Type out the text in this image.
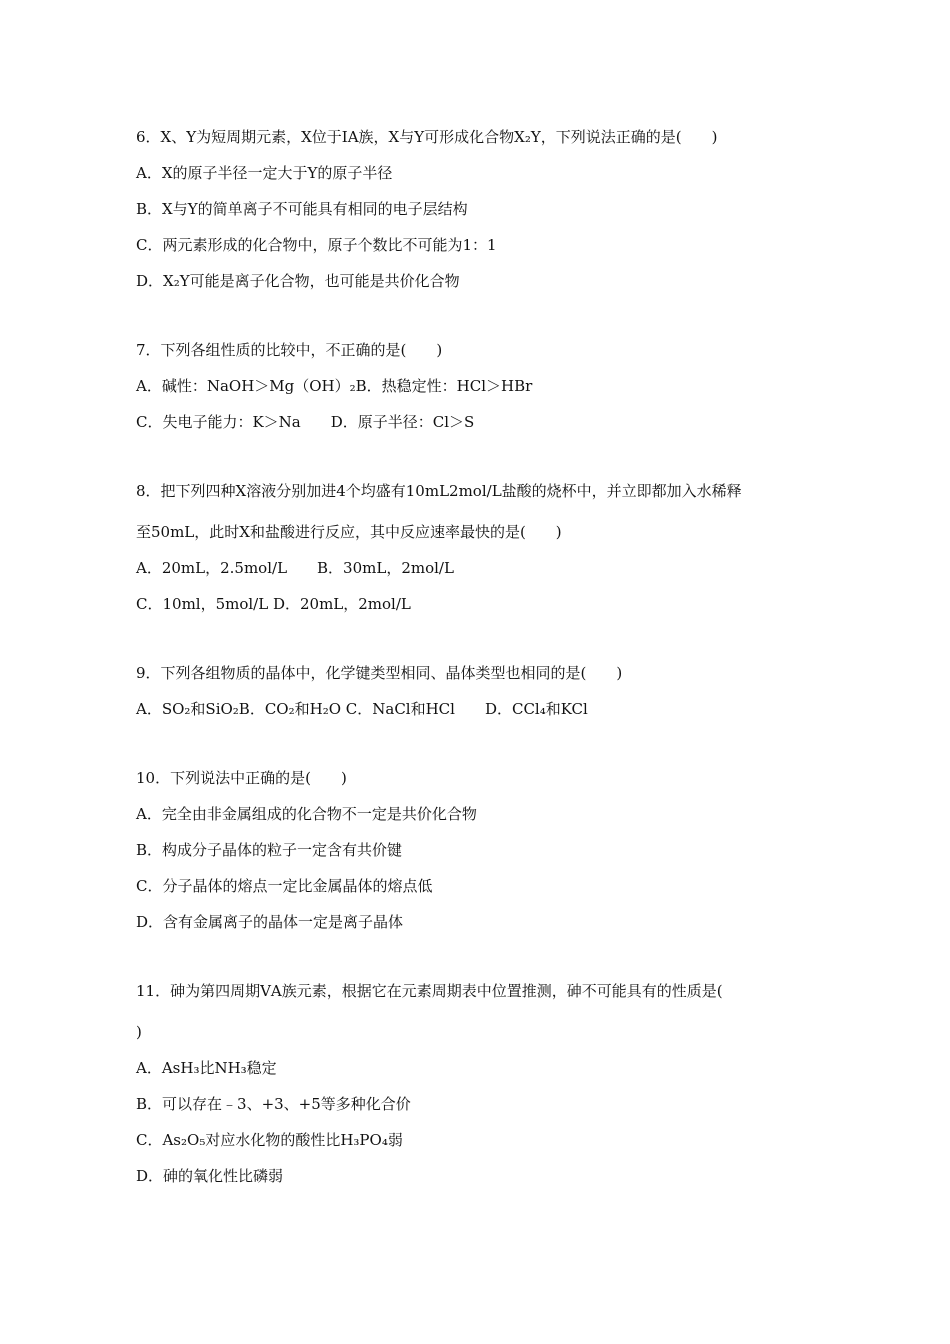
6．X、Y为短周期元素，X位于IA族，X与Y可形成化合物X₂Y，下列说法正确的是(　　)
A．X的原子半径一定大于Y的原子半径
B．X与Y的简单离子不可能具有相同的电子层结构
C．两元素形成的化合物中，原子个数比不可能为1：1
D．X₂Y可能是离子化合物，也可能是共价化合物
7．下列各组性质的比较中，不正确的是(　　)
A．碱性：NaOH＞Mg（OH）₂B．热稳定性：HCl＞HBr
C．失电子能力：K＞Na　　D．原子半径：Cl＞S
8．把下列四种X溶液分别加进4个均盛有10mL2mol/L盐酸的烧杯中，并立即都加入水稀释
至50mL，此时X和盐酸进行反应，其中反应速率最快的是(　　)
A．20mL，2.5mol/L　　B．30mL，2mol/L
C．10ml，5mol/L D．20mL，2mol/L
9．下列各组物质的晶体中，化学键类型相同、晶体类型也相同的是(　　)
A．SO₂和SiO₂B．CO₂和H₂O C．NaCl和HCl　　D．CCl₄和KCl
10．下列说法中正确的是(　　)
A．完全由非金属组成的化合物不一定是共价化合物
B．构成分子晶体的粒子一定含有共价键
C．分子晶体的熔点一定比金属晶体的熔点低
D．含有金属离子的晶体一定是离子晶体
11．砷为第四周期ⅤA族元素，根据它在元素周期表中位置推测，砷不可能具有的性质是(
)
A．AsH₃比NH₃稳定
B．可以存在﹣3、+3、+5等多种化合价
C．As₂O₅对应水化物的酸性比H₃PO₄弱
D．砷的氧化性比磷弱
